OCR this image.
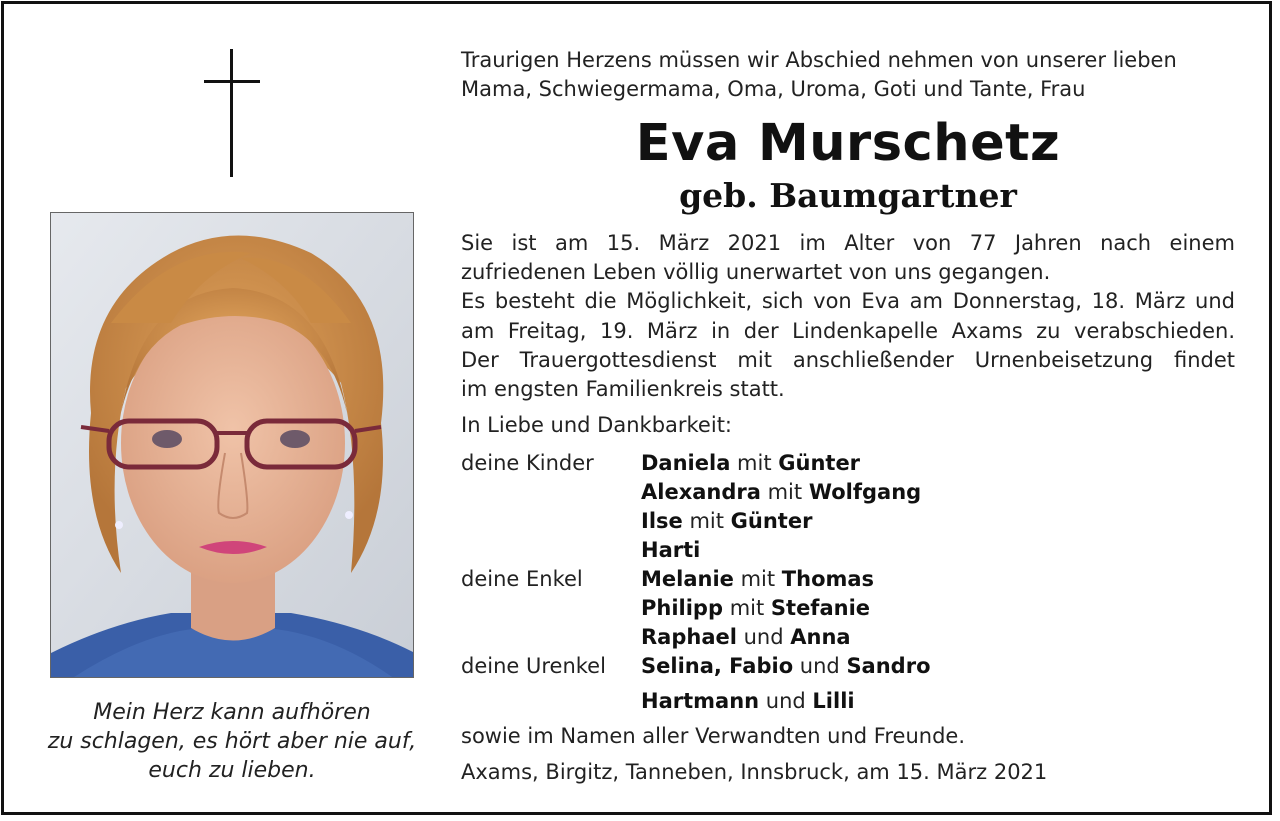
Mein Herz kann aufhören
zu schlagen, es hört aber nie auf,
euch zu lieben.
Traurigen Herzens müssen wir Abschied nehmen von unserer lieben
Mama, Schwiegermama, Oma, Uroma, Goti und Tante, Frau
Eva Murschetz
geb. Baumgartner
Sie ist am 15. März 2021 im Alter von 77 Jahren nach einem
zufriedenen Leben völlig unerwartet von uns gegangen.
Es besteht die Möglichkeit, sich von Eva am Donnerstag, 18. März und
am Freitag, 19. März in der Lindenkapelle Axams zu verabschieden.
Der Trauergottesdienst mit anschließender Urnenbeisetzung findet
im engsten Familienkreis statt.
In Liebe und Dankbarkeit:
deine Kinder	Daniela mit Günter
Alexandra mit Wolfgang
Ilse mit Günter
Harti
deine Enkel	Melanie mit Thomas
Philipp mit Stefanie
Raphael und Anna
deine Urenkel	Selina, Fabio und Sandro
Hartmann und Lilli
sowie im Namen aller Verwandten und Freunde.
Axams, Birgitz, Tanneben, Innsbruck, am 15. März 2021
